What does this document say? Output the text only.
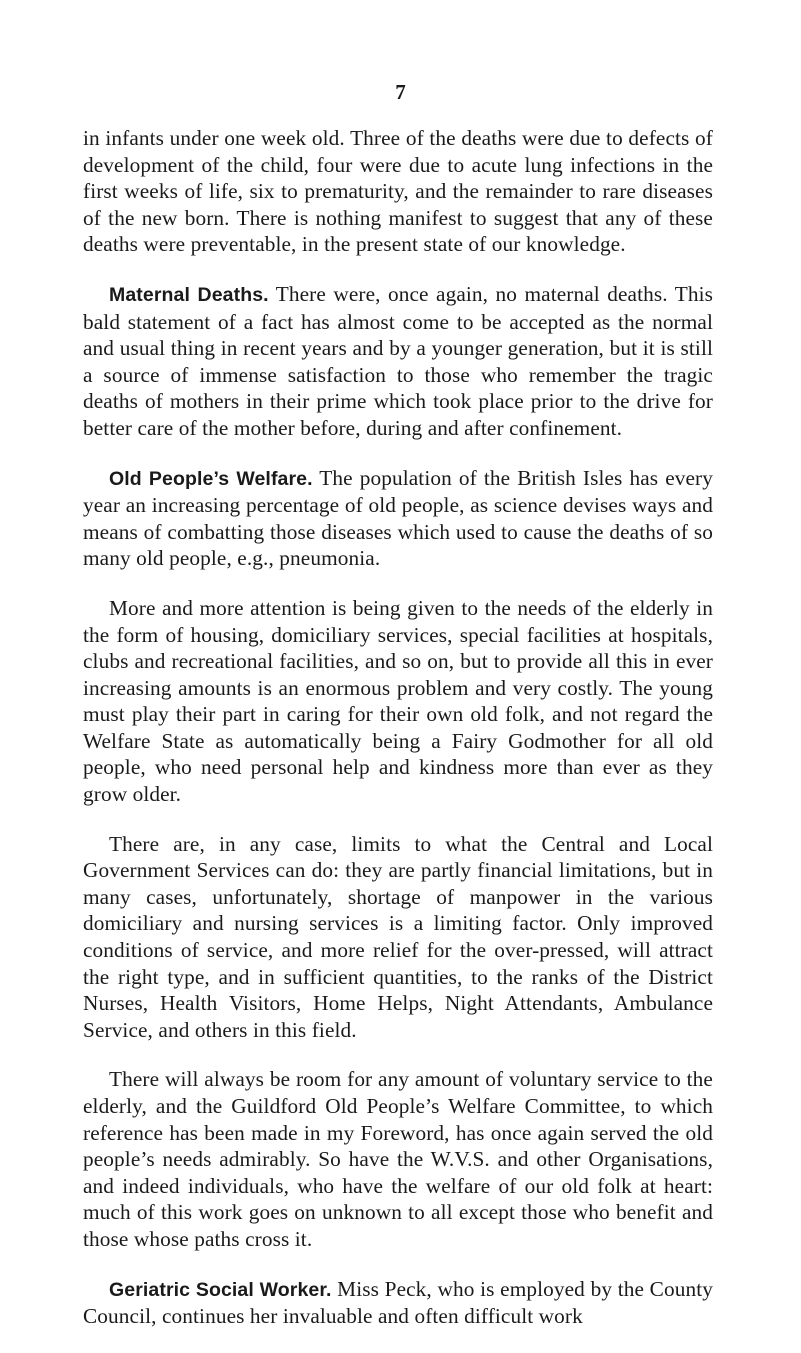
7

in infants under one week old. Three of the deaths were due to defects of development of the child, four were due to acute lung infections in the first weeks of life, six to prematurity, and the remainder to rare diseases of the new born. There is nothing manifest to suggest that any of these deaths were preventable, in the present state of our knowledge.

Maternal Deaths. There were, once again, no maternal deaths. This bald statement of a fact has almost come to be accepted as the normal and usual thing in recent years and by a younger generation, but it is still a source of immense satisfaction to those who remember the tragic deaths of mothers in their prime which took place prior to the drive for better care of the mother before, during and after confinement.

Old People’s Welfare. The population of the British Isles has every year an increasing percentage of old people, as science devises ways and means of combatting those diseases which used to cause the deaths of so many old people, e.g., pneumonia.

More and more attention is being given to the needs of the elderly in the form of housing, domiciliary services, special facilities at hospitals, clubs and recreational facilities, and so on, but to provide all this in ever increasing amounts is an enormous problem and very costly. The young must play their part in caring for their own old folk, and not regard the Welfare State as automatically being a Fairy Godmother for all old people, who need personal help and kindness more than ever as they grow older.

There are, in any case, limits to what the Central and Local Government Services can do: they are partly financial limitations, but in many cases, unfortunately, shortage of manpower in the various domiciliary and nursing services is a limiting factor. Only improved conditions of service, and more relief for the over-pressed, will attract the right type, and in sufficient quantities, to the ranks of the District Nurses, Health Visitors, Home Helps, Night Attendants, Ambulance Service, and others in this field.

There will always be room for any amount of voluntary service to the elderly, and the Guildford Old People’s Welfare Committee, to which reference has been made in my Foreword, has once again served the old people’s needs admirably. So have the W.V.S. and other Organisations, and indeed individuals, who have the welfare of our old folk at heart: much of this work goes on unknown to all except those who benefit and those whose paths cross it.

Geriatric Social Worker. Miss Peck, who is employed by the County Council, continues her invaluable and often difficult work
